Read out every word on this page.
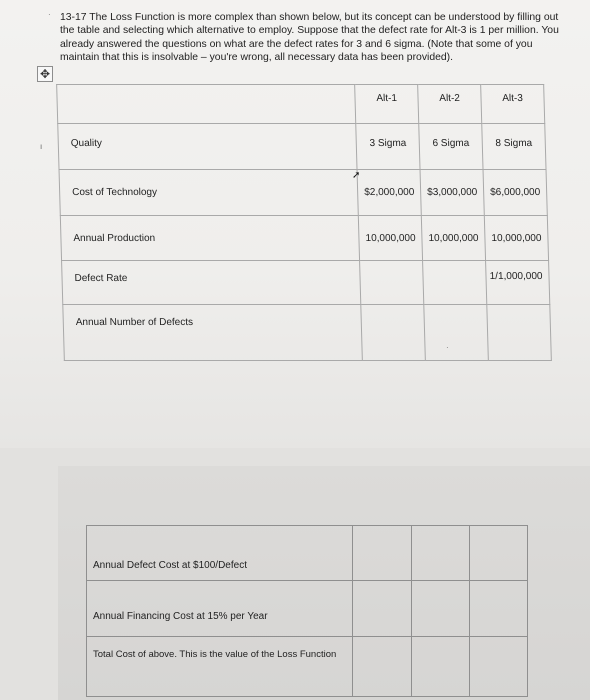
· 13-17 The Loss Function is more complex than shown below, but its concept can be understood by filling out the table and selecting which alternative to employ. Suppose that the defect rate for Alt-3 is 1 per million. You already answered the questions on what are the defect rates for 3 and 6 sigma. (Note that some of you maintain that this is insolvable – you're wrong, all necessary data has been provided).
✥
ı
	Alt-1	Alt-2	Alt-3
Quality	3 Sigma	6 Sigma	8 Sigma
Cost of Technology	$2,000,000	$3,000,000	$6,000,000
Annual Production	10,000,000	10,000,000	10,000,000
Defect Rate			1/1,000,000
Annual Number of Defects			
➚
·
Annual Defect Cost at $100/Defect			
Annual Financing Cost at 15% per Year			
Total Cost of above. This is the value of the Loss Function			
